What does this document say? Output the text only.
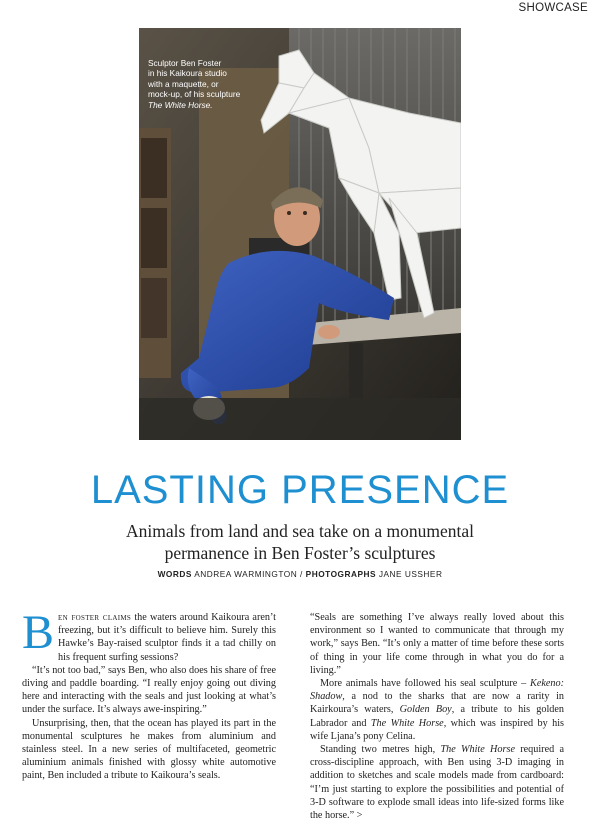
SHOWCASE
Sculptor Ben Foster
in his Kaikoura studio
with a maquette, or
mock-up, of his sculpture
The White Horse.
LASTING PRESENCE
Animals from land and sea take on a monumental
permanence in Ben Foster’s sculptures
WORDS ANDREA WARMINGTON / PHOTOGRAPHS JANE USSHER

Ben foster claims the waters around Kaikoura aren’t freezing, but it’s difficult to believe him. Surely this Hawke’s Bay-raised sculptor finds it a tad chilly on his frequent surfing sessions?

“It’s not too bad,” says Ben, who also does his share of free diving and paddle boarding. “I really enjoy going out diving here and interacting with the seals and just looking at what’s under the surface. It’s always awe-inspiring.”

Unsurprising, then, that the ocean has played its part in the monumental sculptures he makes from aluminium and stainless steel. In a new series of multifaceted, geometric aluminium animals finished with glossy white automotive paint, Ben included a tribute to Kaikoura’s seals.

“Seals are something I’ve always really loved about this environment so I wanted to communicate that through my work,” says Ben. “It’s only a matter of time before these sorts of thing in your life come through in what you do for a living.”

More animals have followed his seal sculpture – Kekeno: Shadow, a nod to the sharks that are now a rarity in Kairkoura’s waters, Golden Boy, a tribute to his golden Labrador and The White Horse, which was inspired by his wife Ljana’s pony Celina.

Standing two metres high, The White Horse required a cross-discipline approach, with Ben using 3-D imaging in addition to sketches and scale models made from cardboard: “I’m just starting to explore the possibilities and potential of 3-D software to explode small ideas into life-sized forms like the horse.” >
